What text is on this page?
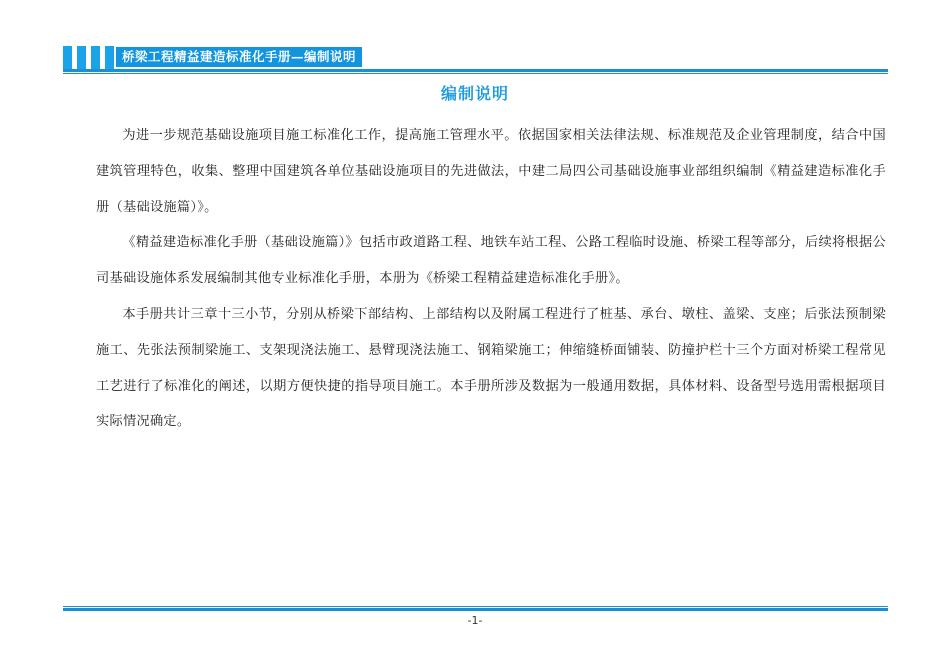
桥梁工程精益建造标准化手册—编制说明
编制说明

为进一步规范基础设施项目施工标准化工作，提高施工管理水平。依据国家相关法律法规、标准规范及企业管理制度，结合中国建筑管理特色，收集、整理中国建筑各单位基础设施项目的先进做法，中建二局四公司基础设施事业部组织编制《精益建造标准化手册（基础设施篇）》。

《精益建造标准化手册（基础设施篇）》包括市政道路工程、地铁车站工程、公路工程临时设施、桥梁工程等部分，后续将根据公司基础设施体系发展编制其他专业标准化手册，本册为《桥梁工程精益建造标准化手册》。

本手册共计三章十三小节，分别从桥梁下部结构、上部结构以及附属工程进行了桩基、承台、墩柱、盖梁、支座；后张法预制梁施工、先张法预制梁施工、支架现浇法施工、悬臂现浇法施工、钢箱梁施工；伸缩缝桥面铺装、防撞护栏十三个方面对桥梁工程常见工艺进行了标准化的阐述，以期方便快捷的指导项目施工。本手册所涉及数据为一般通用数据，具体材料、设备型号选用需根据项目实际情况确定。

-1-
